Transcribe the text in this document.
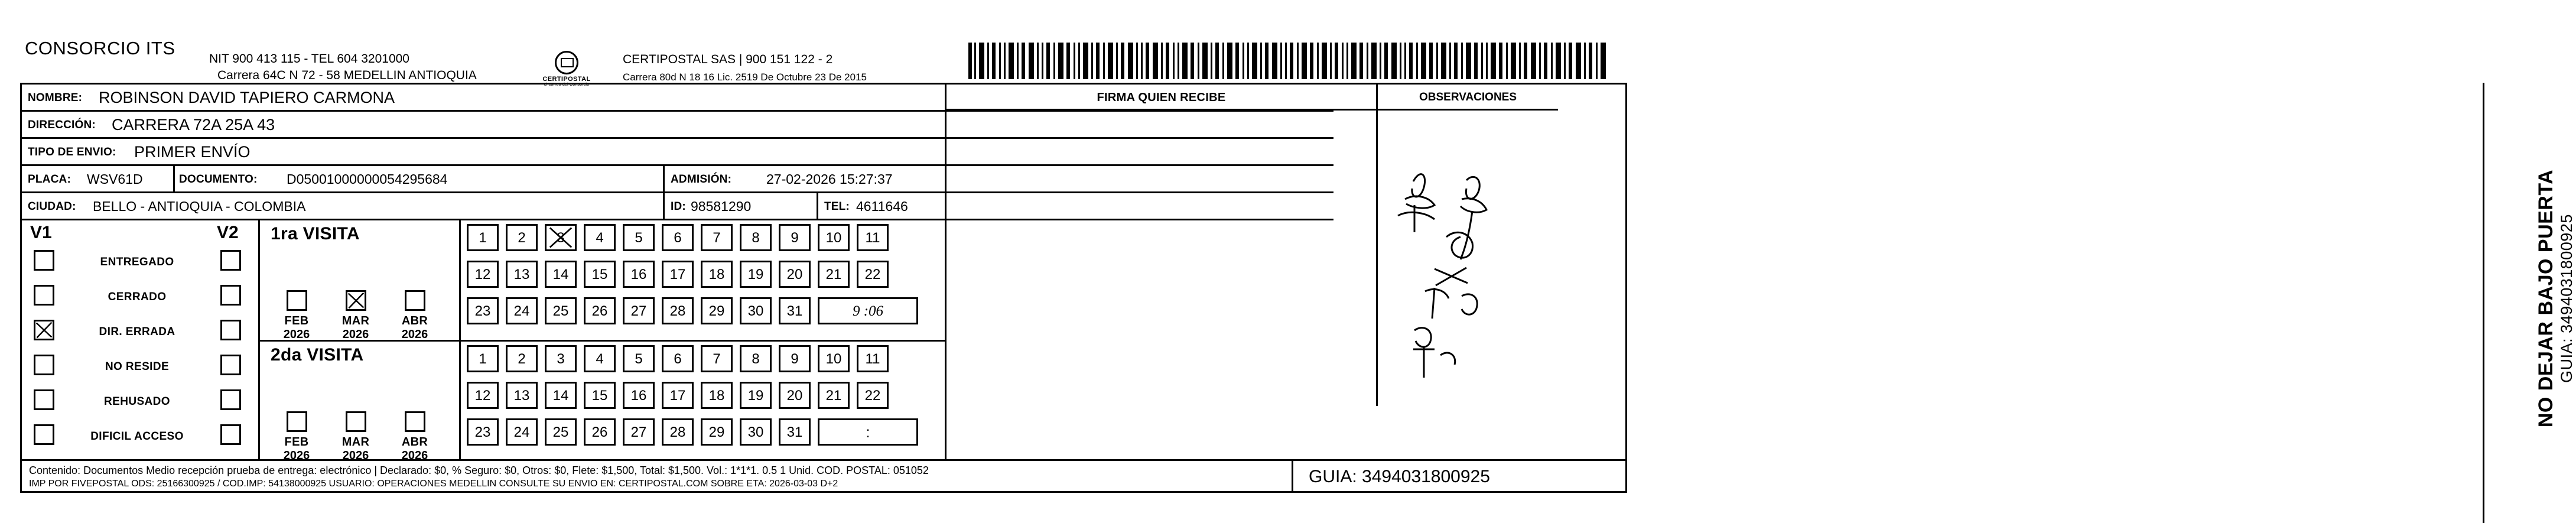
CONSORCIO ITS
NIT 900 413 115 - TEL 604 3201000
Carrera 64C N 72 - 58 MEDELLIN ANTIOQUIA	CERTIPOSTAL
el correo del Consorcio
CERTIPOSTAL SAS | 900 151 122 - 2
Carrera 80d N 18 16 Lic. 2519 De Octubre 23 De 2015
NOMBRE: ROBINSON DAVID TAPIERO CARMONA
DIRECCIÓN: CARRERA 72A 25A 43
TIPO DE ENVIO: PRIMER ENVÍO
PLACA: WSV61D	DOCUMENTO: D05001000000054295684	ADMISIÓN:	27-02-2026 15:27:37
CIUDAD: BELLO - ANTIOQUIA - COLOMBIA	ID: 98581290	TEL: 4611646
FIRMA QUIEN RECIBE	OBSERVACIONES
NO DEJAR BAJO PUERTA GUIA: 3494031800925
V1	V2
ENTREGADO
CERRADO
DIR. ERRADA
NO RESIDE
REHUSADO
DIFICIL ACCESO
1ra VISITA
FEB
2026
MAR
2026
ABR
2026
1	2	3	4	5	6	7	8	9	10	11
12	13	14	15	16	17	18	19	20	21	22
23	24	25	26	27	28	29	30	31	9 :06
2da VISITA
FEB
2026
MAR
2026
ABR
2026
1	2	3	4	5	6	7	8	9	10	11
12	13	14	15	16	17	18	19	20	21	22
23	24	25	26	27	28	29	30	31	:
Contenido: Documentos Medio recepción prueba de entrega: electrónico | Declarado: $0, % Seguro: $0, Otros: $0, Flete: $1,500, Total: $1,500. Vol.: 1*1*1. 0.5 1 Unid. COD. POSTAL: 051052
IMP POR FIVEPOSTAL ODS: 25166300925 / COD.IMP: 54138000925 USUARIO: OPERACIONES MEDELLIN CONSULTE SU ENVIO EN: CERTIPOSTAL.COM SOBRE ETA: 2026-03-03 D+2	GUIA: 3494031800925
